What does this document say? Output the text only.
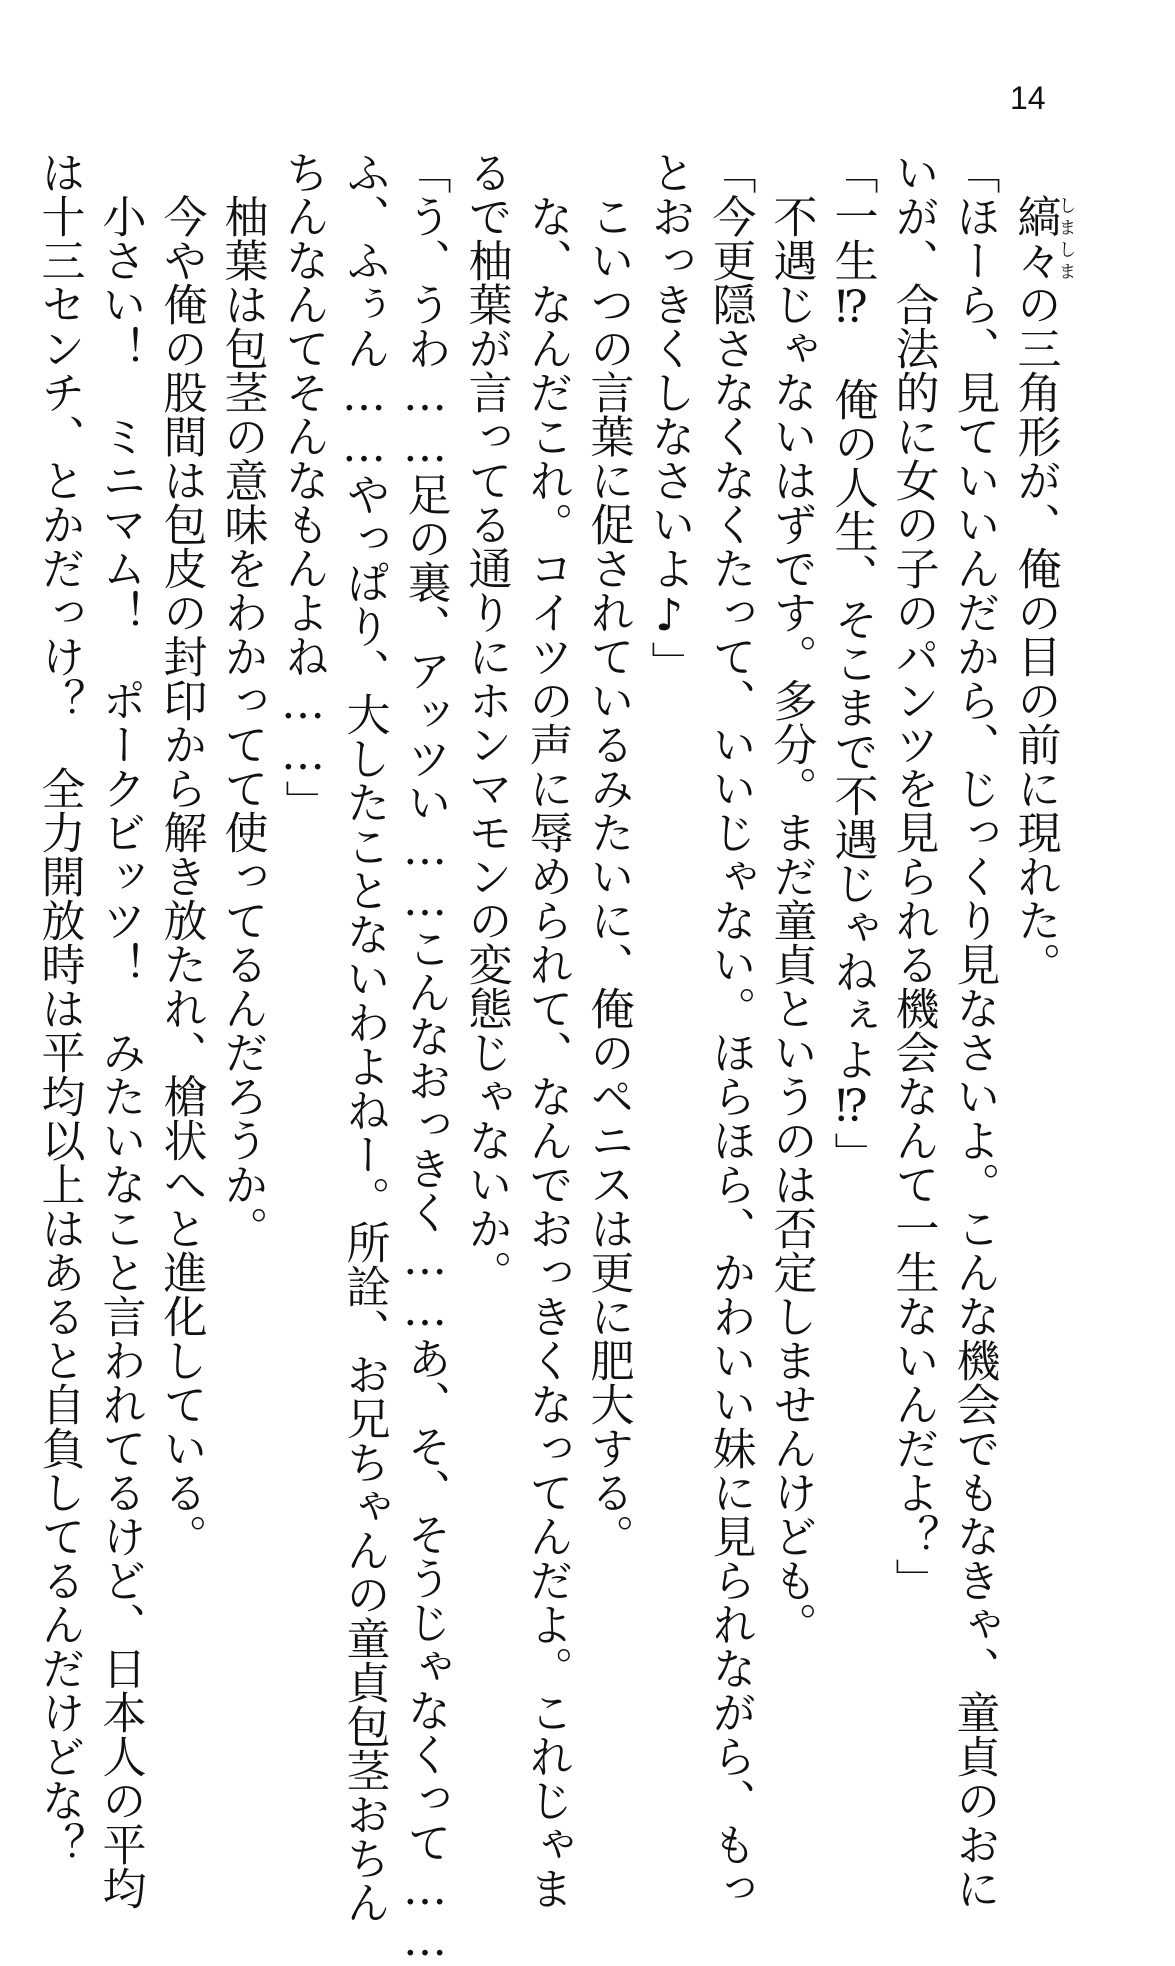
14

　縞々しましまの三角形が、俺の目の前に現れた。

「ほーら、見ていいんだから、じっくり見なさいよ。こんな機会でもなきゃ、童貞のおに

いが、合法的に女の子のパンツを見られる機会なんて一生ないんだよ？」

「一生⁉　俺の人生、そこまで不遇じゃねぇよ⁉」

　不遇じゃないはずです。多分。まだ童貞というのは否定しませんけども。

「今更隠さなくなくたって、いいじゃない。ほらほら、かわいい妹に見られながら、もっ

とおっきくしなさいよ♪」

　こいつの言葉に促されているみたいに、俺のペニスは更に肥大する。

　な、なんだこれ。コイツの声に辱められて、なんでおっきくなってんだよ。これじゃま

るで柚葉が言ってる通りにホンマモンの変態じゃないか。

「う、うわ……足の裏、アッツい……こんなおっきく……あ、そ、そうじゃなくって……

ふ、ふぅん……やっぱり、大したことないわよねー。所詮、お兄ちゃんの童貞包茎おちん

ちんなんてそんなもんよね……」

　柚葉は包茎の意味をわかってて使ってるんだろうか。

　今や俺の股間は包皮の封印から解き放たれ、槍状へと進化している。

　小さい！　ミニマム！　ポークビッツ！　みたいなこと言われてるけど、日本人の平均

は十三センチ、とかだっけ？　全力開放時は平均以上はあると自負してるんだけどな？
